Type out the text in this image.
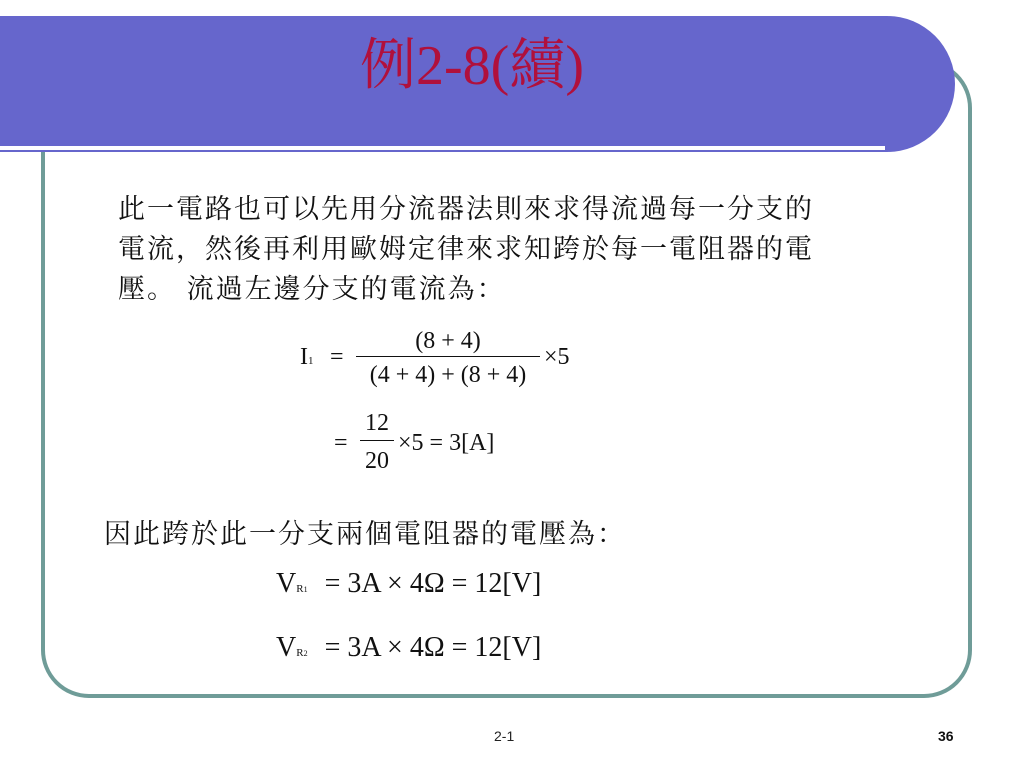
例2-8(續)
此一電路也可以先用分流器法則來求得流過每一分支的
電流，然後再利用歐姆定律來求知跨於每一電阻器的電
壓。 流過左邊分支的電流為：
I1 =
(8 + 4)
(4 + 4) + (8 + 4)
×5
=
12
20
×5 = 3[A]
因此跨於此一分支兩個電阻器的電壓為：
VR1 = 3A × 4Ω = 12[V]
VR2 = 3A × 4Ω = 12[V]
2-1	36
